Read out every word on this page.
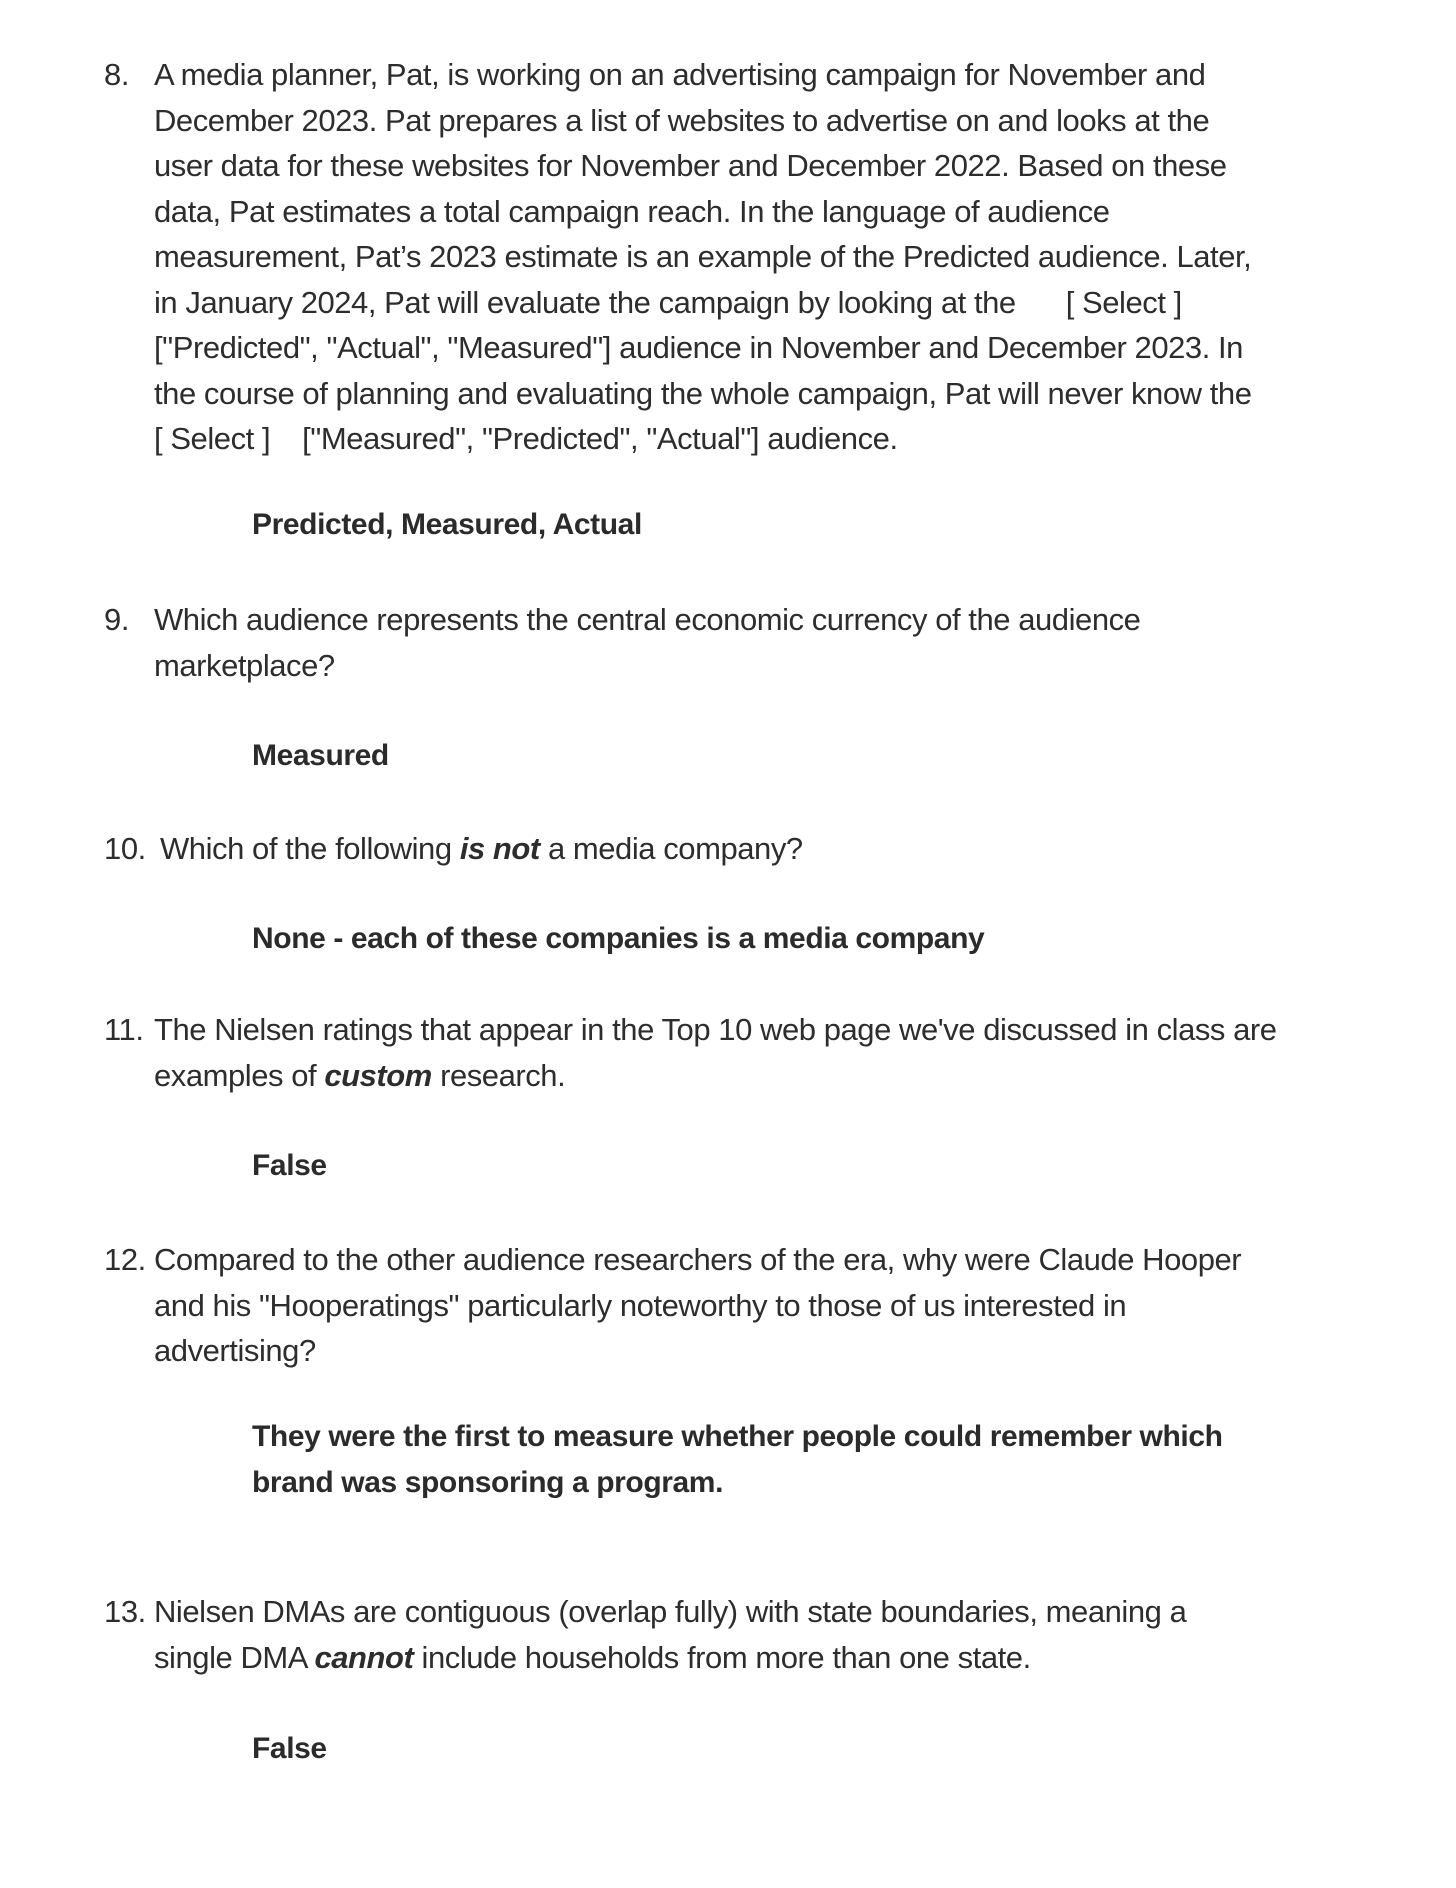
8. A media planner, Pat, is working on an advertising campaign for November and
December 2023. Pat prepares a list of websites to advertise on and looks at the
user data for these websites for November and December 2022. Based on these
data, Pat estimates a total campaign reach. In the language of audience
measurement, Pat’s 2023 estimate is an example of the Predicted audience. Later,
in January 2024, Pat will evaluate the campaign by looking at the [ Select ]
["Predicted", "Actual", "Measured"] audience in November and December 2023. In
the course of planning and evaluating the whole campaign, Pat will never know the
[ Select ] ["Measured", "Predicted", "Actual"] audience.
Predicted, Measured, Actual
9. Which audience represents the central economic currency of the audience
marketplace?
Measured
10. Which of the following is not a media company?
None - each of these companies is a media company
11. The Nielsen ratings that appear in the Top 10 web page we've discussed in class are
examples of custom research.
False
12. Compared to the other audience researchers of the era, why were Claude Hooper
and his "Hooperatings" particularly noteworthy to those of us interested in
advertising?
They were the first to measure whether people could remember which
brand was sponsoring a program.
13. Nielsen DMAs are contiguous (overlap fully) with state boundaries, meaning a
single DMA cannot include households from more than one state.
False
